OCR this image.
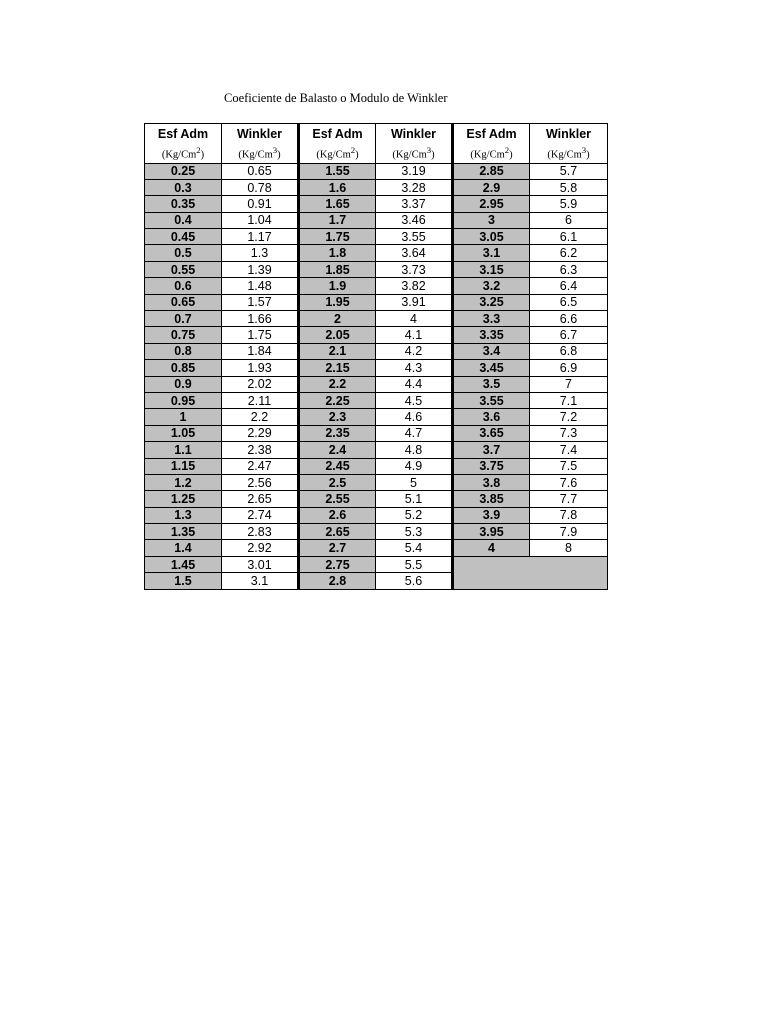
Coeficiente de Balasto o Modulo de Winkler
Esf Adm	Winkler	Esf Adm	Winkler	Esf Adm	Winkler
(Kg/Cm$^2$)	(Kg/Cm$^3$)	(Kg/Cm$^2$)	(Kg/Cm$^3$)	(Kg/Cm$^2$)	(Kg/Cm$^3$)
0.25	0.65	1.55	3.19	2.85	5.7
0.3	0.78	1.6	3.28	2.9	5.8
0.35	0.91	1.65	3.37	2.95	5.9
0.4	1.04	1.7	3.46	3	6
0.45	1.17	1.75	3.55	3.05	6.1
0.5	1.3	1.8	3.64	3.1	6.2
0.55	1.39	1.85	3.73	3.15	6.3
0.6	1.48	1.9	3.82	3.2	6.4
0.65	1.57	1.95	3.91	3.25	6.5
0.7	1.66	2	4	3.3	6.6
0.75	1.75	2.05	4.1	3.35	6.7
0.8	1.84	2.1	4.2	3.4	6.8
0.85	1.93	2.15	4.3	3.45	6.9
0.9	2.02	2.2	4.4	3.5	7
0.95	2.11	2.25	4.5	3.55	7.1
1	2.2	2.3	4.6	3.6	7.2
1.05	2.29	2.35	4.7	3.65	7.3
1.1	2.38	2.4	4.8	3.7	7.4
1.15	2.47	2.45	4.9	3.75	7.5
1.2	2.56	2.5	5	3.8	7.6
1.25	2.65	2.55	5.1	3.85	7.7
1.3	2.74	2.6	5.2	3.9	7.8
1.35	2.83	2.65	5.3	3.95	7.9
1.4	2.92	2.7	5.4	4	8
1.45	3.01	2.75	5.5		
1.5	3.1	2.8	5.6		
